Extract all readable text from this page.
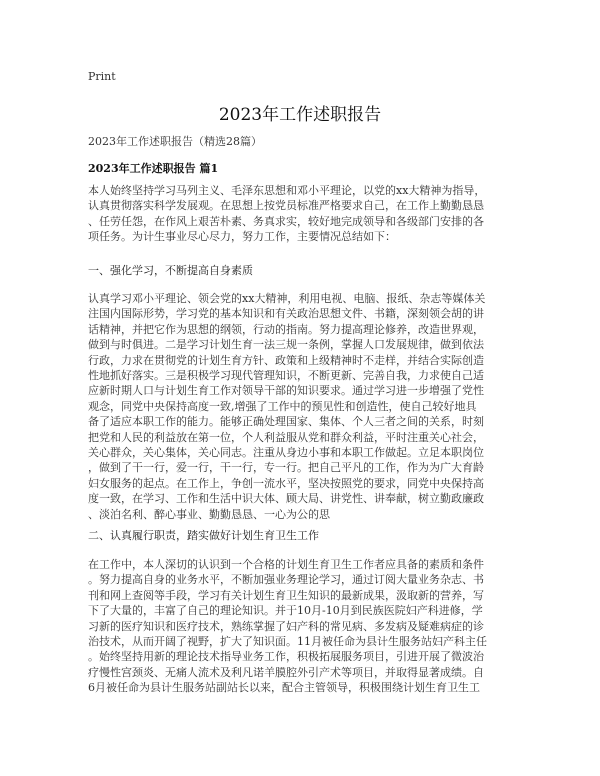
Print
2023年工作述职报告
2023年工作述职报告（精选28篇）
2023年工作述职报告 篇1

本人始终坚持学习马列主义、毛泽东思想和邓小平理论，以党的xx大精神为指导，

认真贯彻落实科学发展观。在思想上按党员标准严格要求自己，在工作上勤勤恳恳

、任劳任怨，在作风上艰苦朴素、务真求实，较好地完成领导和各级部门安排的各

项任务。为计生事业尽心尽力，努力工作，主要情况总结如下：

一、强化学习，不断提高自身素质

认真学习邓小平理论、领会党的xx大精神，利用电视、电脑、报纸、杂志等媒体关

注国内国际形势，学习党的基本知识和有关政治思想文件、书籍，深刻领会胡的讲

话精神，并把它作为思想的纲领，行动的指南。努力提高理论修养，改造世界观，

做到与时俱进。二是学习计划生育一法三规一条例，掌握人口发展规律，做到依法

行政，力求在贯彻党的计划生育方针、政策和上级精神时不走样，并结合实际创造

性地抓好落实。三是积极学习现代管理知识，不断更新、完善自我，力求使自己适

应新时期人口与计划生育工作对领导干部的知识要求。通过学习进一步增强了党性

观念，同党中央保持高度一致,增强了工作中的预见性和创造性，使自己较好地具

备了适应本职工作的能力。能够正确处理国家、集体、个人三者之间的关系，时刻

把党和人民的利益放在第一位，个人利益服从党和群众利益，平时注重关心社会，

关心群众，关心集体，关心同志。注重从身边小事和本职工作做起。立足本职岗位

，做到了干一行，爱一行，干一行，专一行。把自己平凡的工作，作为为广大育龄

妇女服务的起点。在工作上，争创一流水平，坚决按照党的要求，同党中央保持高

度一致，在学习、工作和生活中识大体、顾大局、讲党性、讲奉献，树立勤政廉政

、淡泊名利、醉心事业、勤勤恳恳、一心为公的思

二、认真履行职责，踏实做好计划生育卫生工作

在工作中，本人深切的认识到一个合格的计划生育卫生工作者应具备的素质和条件

。努力提高自身的业务水平，不断加强业务理论学习，通过订阅大量业务杂志、书

刊和网上查阅等手段，学习有关计划生育卫生知识的最新成果，汲取新的营养，写

下了大量的，丰富了自己的理论知识。并于10月-10月到民族医院妇产科进修，学

习新的医疗知识和医疗技术，熟练掌握了妇产科的常见病、多发病及疑难病症的诊

治技术，从而开阔了视野，扩大了知识面。11月被任命为县计生服务站妇产科主任

。始终坚持用新的理论技术指导业务工作，积极拓展服务项目，引进开展了微波治

疗慢性宫颈炎、无痛人流术及利凡诺羊膜腔外引产术等项目，并取得显著成绩。自

6月被任命为县计生服务站副站长以来，配合主管领导，积极围绕计划生育卫生工
